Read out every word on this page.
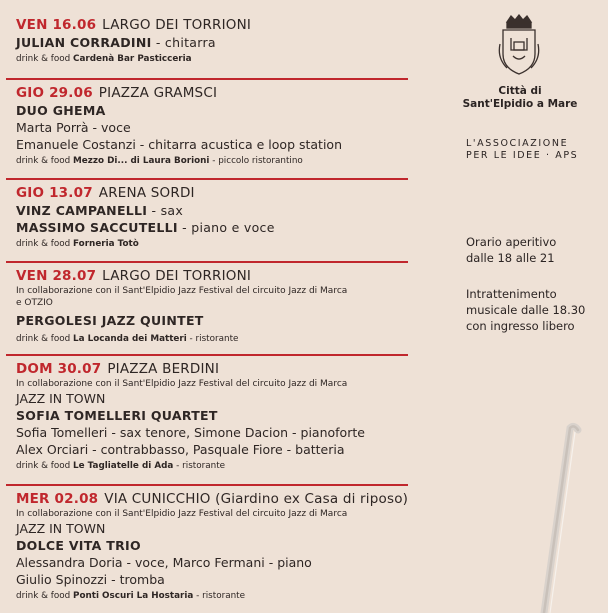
VEN 16.06 LARGO DEI TORRIONI
JULIAN CORRADINI - chitarra
drink & food Cardenà Bar Pasticceria
GIO 29.06 PIAZZA GRAMSCI
DUO GHEMA
Marta Porrà - voce
Emanuele Costanzi - chitarra acustica e loop station
drink & food Mezzo Di... di Laura Borioni - piccolo ristorantino
GIO 13.07 ARENA SORDI
VINZ CAMPANELLI - sax
MASSIMO SACCUTELLI - piano e voce
drink & food Forneria Totò
VEN 28.07 LARGO DEI TORRIONI
In collaborazione con il Sant'Elpidio Jazz Festival del circuito Jazz di Marca
e OTZIO
PERGOLESI JAZZ QUINTET
drink & food La Locanda dei Matteri - ristorante
DOM 30.07 PIAZZA BERDINI
In collaborazione con il Sant'Elpidio Jazz Festival del circuito Jazz di Marca
JAZZ IN TOWN
SOFIA TOMELLERI QUARTET
Sofia Tomelleri - sax tenore, Simone Dacion - pianoforte
Alex Orciari - contrabbasso, Pasquale Fiore - batteria
drink & food Le Tagliatelle di Ada - ristorante
MER 02.08 VIA CUNICCHIO (Giardino ex Casa di riposo)
In collaborazione con il Sant'Elpidio Jazz Festival del circuito Jazz di Marca
JAZZ IN TOWN
DOLCE VITA TRIO
Alessandra Doria - voce, Marco Fermani - piano
Giulio Spinozzi - tromba
drink & food Ponti Oscuri La Hostaria - ristorante
Città di
Sant'Elpidio a Mare
L'ASSOCIAZIONE
PER LE IDEE · APS
Orario aperitivo
dalle 18 alle 21
Intrattenimento
musicale dalle 18.30
con ingresso libero
